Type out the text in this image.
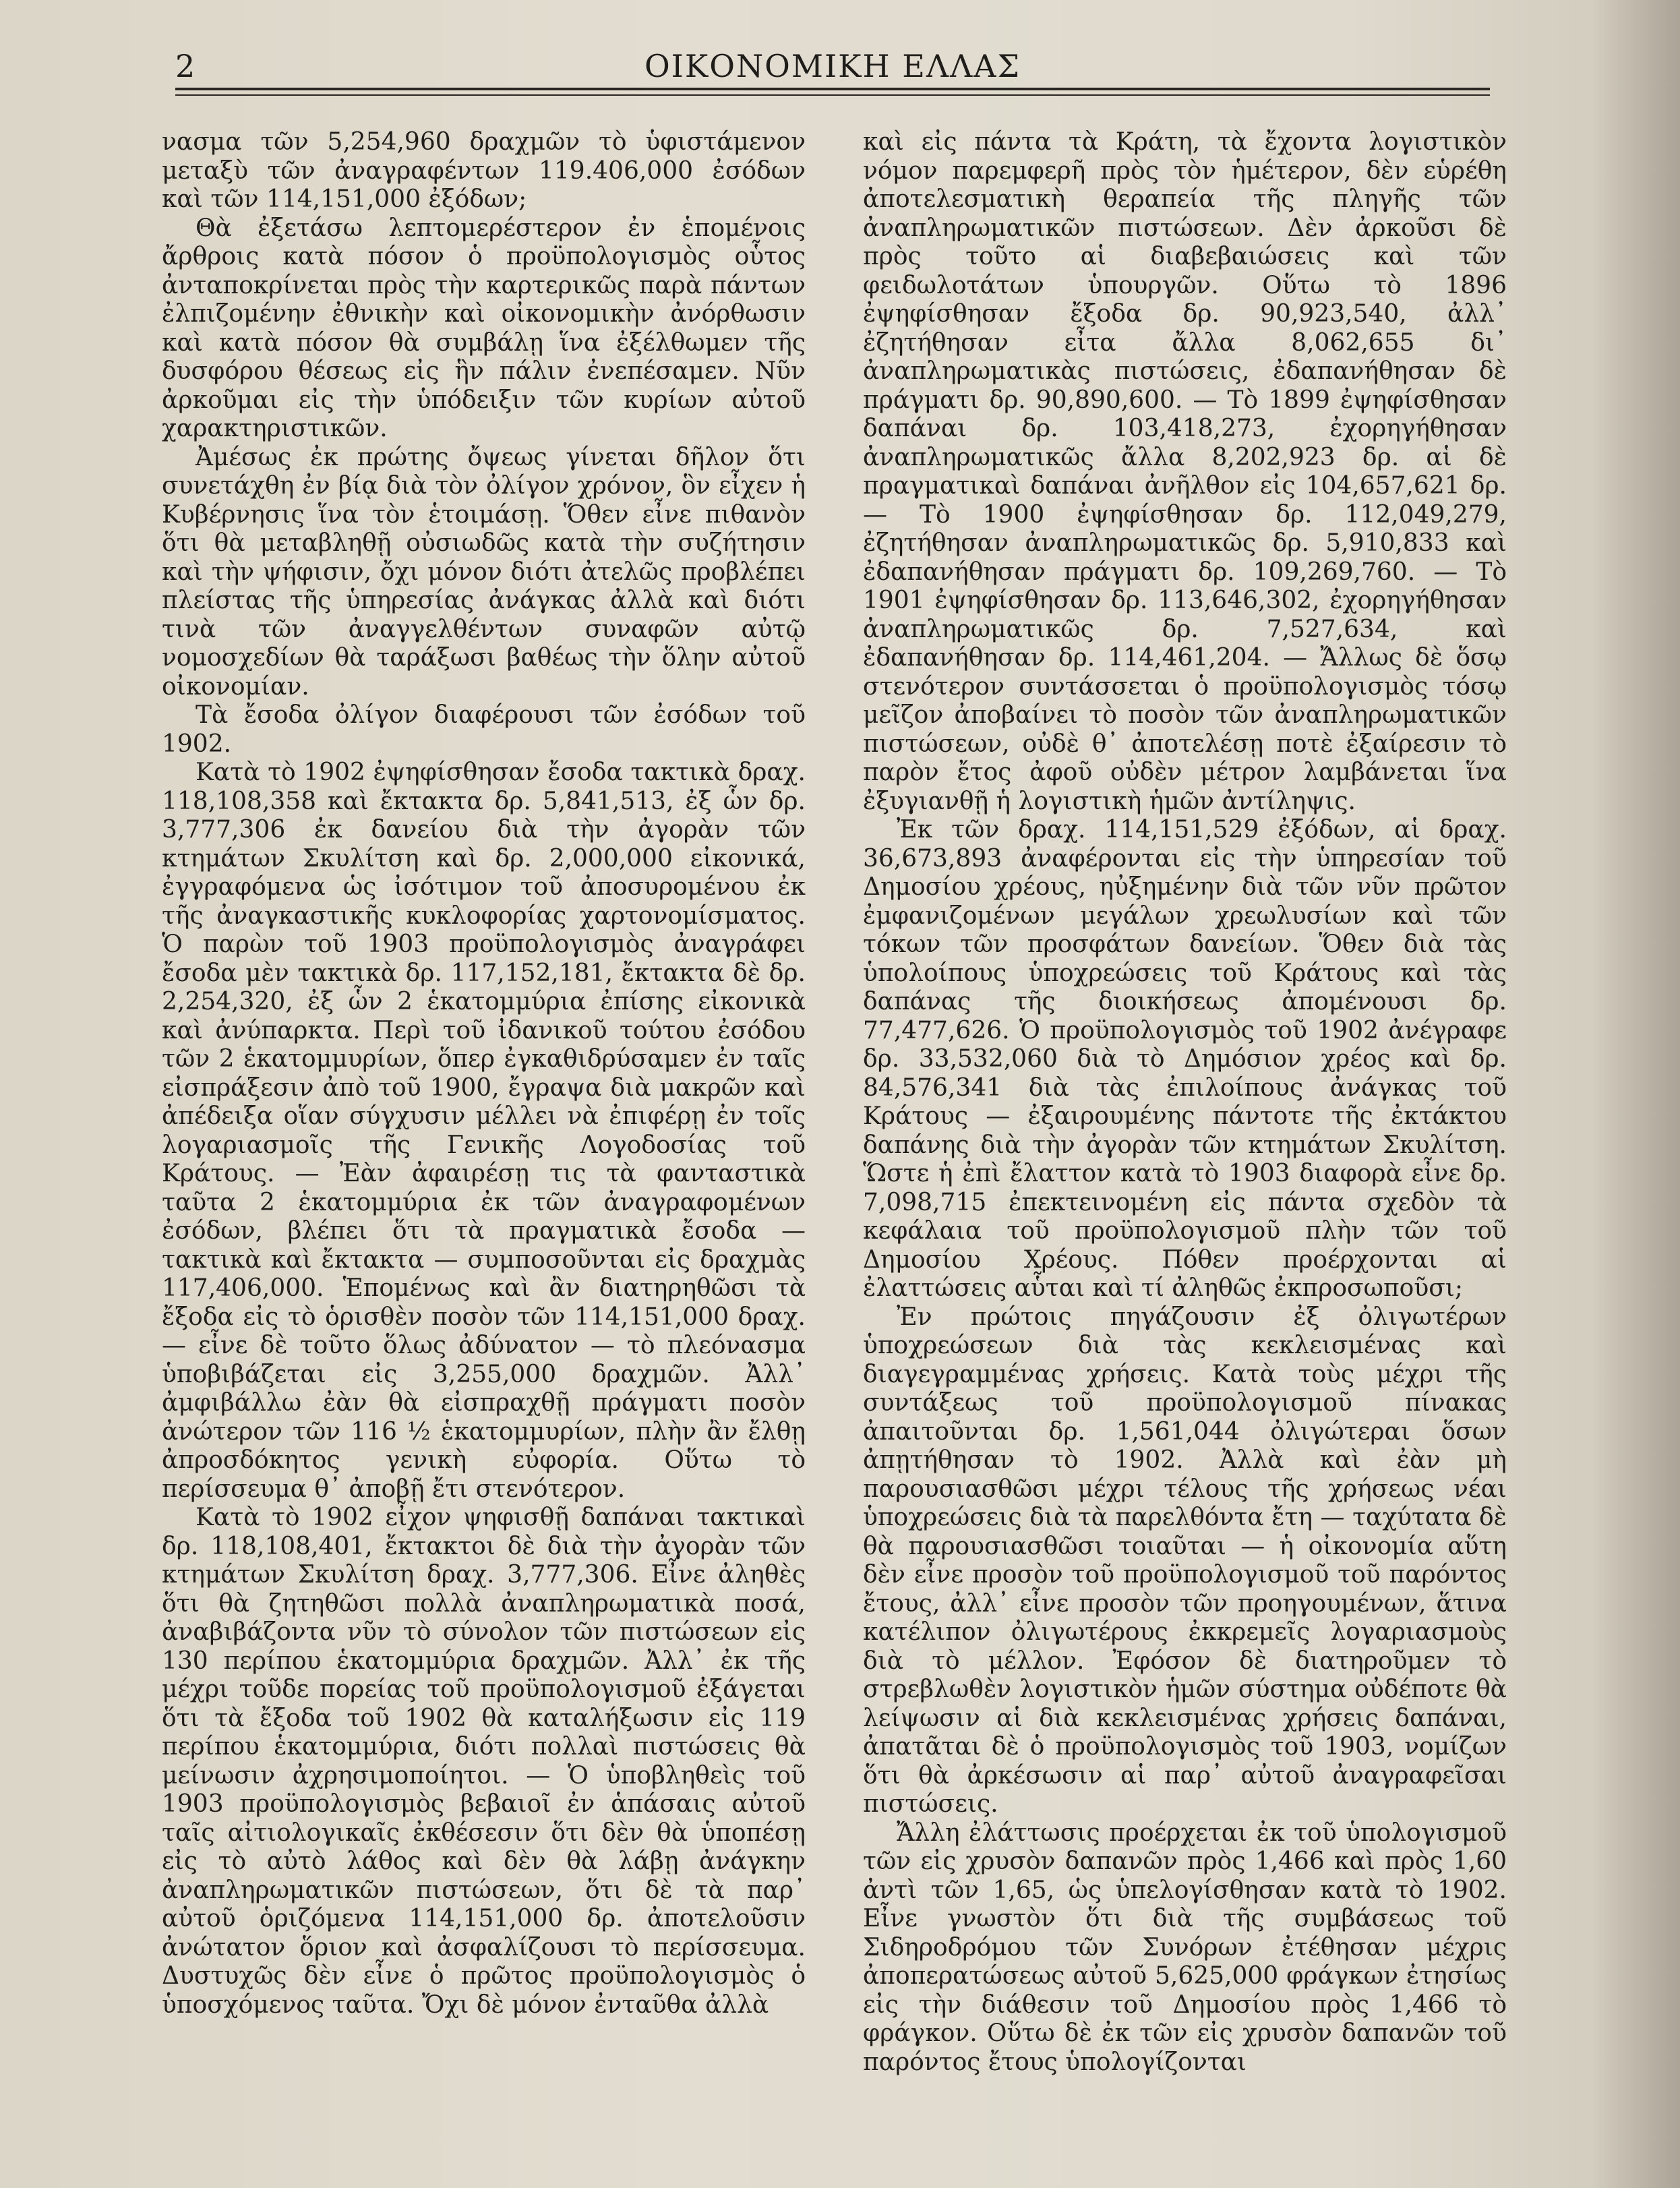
2	ΟΙΚΟΝΟΜΙΚΗ ΕΛΛΑΣ

νασμα τῶν 5,254,960 δραχμῶν τὸ ὑφιστάμενον μεταξὺ τῶν ἀναγραφέντων 119.406,000 ἐσόδων καὶ τῶν 114,151,000 ἐξόδων;

Θὰ ἐξετάσω λεπτομερέστερον ἐν ἑπομένοις ἄρθροις κατὰ πόσον ὁ προϋπολογισμὸς οὗτος ἀνταποκρίνεται πρὸς τὴν καρτερικῶς παρὰ πάντων ἐλπιζομένην ἐθνικὴν καὶ οἰκονομικὴν ἀνόρθωσιν καὶ κατὰ πόσον θὰ συμβάλῃ ἵνα ἐξέλθωμεν τῆς δυσφόρου θέσεως εἰς ἣν πάλιν ἐνεπέσαμεν. Νῦν ἀρκοῦμαι εἰς τὴν ὑπόδειξιν τῶν κυρίων αὐτοῦ χαρακτηριστικῶν.

Ἀμέσως ἐκ πρώτης ὄψεως γίνεται δῆλον ὅτι συνετάχθη ἐν βίᾳ διὰ τὸν ὀλίγον χρόνον, ὃν εἶχεν ἡ Κυβέρνησις ἵνα τὸν ἑτοιμάσῃ. Ὅθεν εἶνε πιθανὸν ὅτι θὰ μεταβληθῇ οὐσιωδῶς κατὰ τὴν συζήτησιν καὶ τὴν ψήφισιν, ὄχι μόνον διότι ἀτελῶς προβλέπει πλείστας τῆς ὑπηρεσίας ἀνάγκας ἀλλὰ καὶ διότι τινὰ τῶν ἀναγγελθέντων συναφῶν αὐτῷ νομοσχεδίων θὰ ταράξωσι βαθέως τὴν ὅλην αὐτοῦ οἰκονομίαν.

Τὰ ἔσοδα ὀλίγον διαφέρουσι τῶν ἐσόδων τοῦ 1902.

Κατὰ τὸ 1902 ἐψηφίσθησαν ἔσοδα τακτικὰ δραχ. 118,108,358 καὶ ἔκτακτα δρ. 5,841,513, ἐξ ὧν δρ. 3,777,306 ἐκ δανείου διὰ τὴν ἀγορὰν τῶν κτημάτων Σκυλίτση καὶ δρ. 2,000,000 εἰκονικά, ἐγγραφόμενα ὡς ἰσότιμον τοῦ ἀποσυρομένου ἐκ τῆς ἀναγκαστικῆς κυκλοφορίας χαρτονομίσματος. Ὁ παρὼν τοῦ 1903 προϋπολογισμὸς ἀναγράφει ἔσοδα μὲν τακτικὰ δρ. 117,152,181, ἔκτακτα δὲ δρ. 2,254,320, ἐξ ὧν 2 ἑκατομμύρια ἐπίσης εἰκονικὰ καὶ ἀνύπαρκτα. Περὶ τοῦ ἰδανικοῦ τούτου ἐσόδου τῶν 2 ἑκατομμυρίων, ὅπερ ἐγκαθιδρύσαμεν ἐν ταῖς εἰσπράξεσιν ἀπὸ τοῦ 1900, ἔγραψα διὰ μακρῶν καὶ ἀπέδειξα οἵαν σύγχυσιν μέλλει νὰ ἐπιφέρῃ ἐν τοῖς λογαριασμοῖς τῆς Γενικῆς Λογοδοσίας τοῦ Κράτους. — Ἐὰν ἀφαιρέσῃ τις τὰ φανταστικὰ ταῦτα 2 ἑκατομμύρια ἐκ τῶν ἀναγραφομένων ἐσόδων, βλέπει ὅτι τὰ πραγματικὰ ἔσοδα — τακτικὰ καὶ ἔκτακτα — συμποσοῦνται εἰς δραχμὰς 117,406,000. Ἑπομένως καὶ ἂν διατηρηθῶσι τὰ ἔξοδα εἰς τὸ ὁρισθὲν ποσὸν τῶν 114,151,000 δραχ. — εἶνε δὲ τοῦτο ὅλως ἀδύνατον — τὸ πλεόνασμα ὑποβιβάζεται εἰς 3,255,000 δραχμῶν. Ἀλλ᾽ ἀμφιβάλλω ἐὰν θὰ εἰσπραχθῇ πράγματι ποσὸν ἀνώτερον τῶν 116 ½ ἑκατομμυρίων, πλὴν ἂν ἔλθῃ ἀπροσδόκητος γενικὴ εὐφορία. Οὕτω τὸ περίσσευμα θ᾽ ἀποβῇ ἔτι στενότερον.

Κατὰ τὸ 1902 εἶχον ψηφισθῇ δαπάναι τακτικαὶ δρ. 118,108,401, ἔκτακτοι δὲ διὰ τὴν ἀγορὰν τῶν κτημάτων Σκυλίτση δραχ. 3,777,306. Εἶνε ἀληθὲς ὅτι θὰ ζητηθῶσι πολλὰ ἀναπληρωματικὰ ποσά, ἀναβιβάζοντα νῦν τὸ σύνολον τῶν πιστώσεων εἰς 130 περίπου ἑκατομμύρια δραχμῶν. Ἀλλ᾽ ἐκ τῆς μέχρι τοῦδε πορείας τοῦ προϋπολογισμοῦ ἐξάγεται ὅτι τὰ ἔξοδα τοῦ 1902 θὰ καταλήξωσιν εἰς 119 περίπου ἑκατομμύρια, διότι πολλαὶ πιστώσεις θὰ μείνωσιν ἀχρησιμοποίητοι. — Ὁ ὑποβληθεὶς τοῦ 1903 προϋπολογισμὸς βεβαιοῖ ἐν ἁπάσαις αὐτοῦ ταῖς αἰτιολογικαῖς ἐκθέσεσιν ὅτι δὲν θὰ ὑποπέσῃ εἰς τὸ αὐτὸ λάθος καὶ δὲν θὰ λάβῃ ἀνάγκην ἀναπληρωματικῶν πιστώσεων, ὅτι δὲ τὰ παρ᾽ αὐτοῦ ὁριζόμενα 114,151,000 δρ. ἀποτελοῦσιν ἀνώτατον ὅριον καὶ ἀσφαλίζουσι τὸ περίσσευμα. Δυστυχῶς δὲν εἶνε ὁ πρῶτος προϋπολογισμὸς ὁ ὑποσχόμενος ταῦτα. Ὄχι δὲ μόνον ἐνταῦθα ἀλλὰ

καὶ εἰς πάντα τὰ Κράτη, τὰ ἔχοντα λογιστικὸν νόμον παρεμφερῆ πρὸς τὸν ἡμέτερον, δὲν εὑρέθη ἀποτελεσματικὴ θεραπεία τῆς πληγῆς τῶν ἀναπληρωματικῶν πιστώσεων. Δὲν ἀρκοῦσι δὲ πρὸς τοῦτο αἱ διαβεβαιώσεις καὶ τῶν φειδωλοτάτων ὑπουργῶν. Οὕτω τὸ 1896 ἐψηφίσθησαν ἔξοδα δρ. 90,923,540, ἀλλ᾽ ἐζητήθησαν εἶτα ἄλλα 8,062,655 δι᾽ ἀναπληρωματικὰς πιστώσεις, ἐδαπανήθησαν δὲ πράγματι δρ. 90,890,600. — Τὸ 1899 ἐψηφίσθησαν δαπάναι δρ. 103,418,273, ἐχορηγήθησαν ἀναπληρωματικῶς ἄλλα 8,202,923 δρ. αἱ δὲ πραγματικαὶ δαπάναι ἀνῆλθον εἰς 104,657,621 δρ. — Τὸ 1900 ἐψηφίσθησαν δρ. 112,049,279, ἐζητήθησαν ἀναπληρωματικῶς δρ. 5,910,833 καὶ ἐδαπανήθησαν πράγματι δρ. 109,269,760. — Τὸ 1901 ἐψηφίσθησαν δρ. 113,646,302, ἐχορηγήθησαν ἀναπληρωματικῶς δρ. 7,527,634, καὶ ἐδαπανήθησαν δρ. 114,461,204. — Ἄλλως δὲ ὅσῳ στενότερον συντάσσεται ὁ προϋπολογισμὸς τόσῳ μεῖζον ἀποβαίνει τὸ ποσὸν τῶν ἀναπληρωματικῶν πιστώσεων, οὐδὲ θ᾽ ἀποτελέσῃ ποτὲ ἐξαίρεσιν τὸ παρὸν ἔτος ἀφοῦ οὐδὲν μέτρον λαμβάνεται ἵνα ἐξυγιανθῇ ἡ λογιστικὴ ἡμῶν ἀντίληψις.

Ἐκ τῶν δραχ. 114,151,529 ἐξόδων, αἱ δραχ. 36,673,893 ἀναφέρονται εἰς τὴν ὑπηρεσίαν τοῦ Δημοσίου χρέους, ηὐξημένην διὰ τῶν νῦν πρῶτον ἐμφανιζομένων μεγάλων χρεωλυσίων καὶ τῶν τόκων τῶν προσφάτων δανείων. Ὅθεν διὰ τὰς ὑπολοίπους ὑποχρεώσεις τοῦ Κράτους καὶ τὰς δαπάνας τῆς διοικήσεως ἀπομένουσι δρ. 77,477,626. Ὁ προϋπολογισμὸς τοῦ 1902 ἀνέγραφε δρ. 33,532,060 διὰ τὸ Δημόσιον χρέος καὶ δρ. 84,576,341 διὰ τὰς ἐπιλοίπους ἀνάγκας τοῦ Κράτους — ἐξαιρουμένης πάντοτε τῆς ἐκτάκτου δαπάνης διὰ τὴν ἀγορὰν τῶν κτημάτων Σκυλίτση. Ὥστε ἡ ἐπὶ ἔλαττον κατὰ τὸ 1903 διαφορὰ εἶνε δρ. 7,098,715 ἐπεκτεινομένη εἰς πάντα σχεδὸν τὰ κεφάλαια τοῦ προϋπολογισμοῦ πλὴν τῶν τοῦ Δημοσίου Χρέους. Πόθεν προέρχονται αἱ ἐλαττώσεις αὗται καὶ τί ἀληθῶς ἐκπροσωποῦσι;

Ἐν πρώτοις πηγάζουσιν ἐξ ὀλιγωτέρων ὑποχρεώσεων διὰ τὰς κεκλεισμένας καὶ διαγεγραμμένας χρήσεις. Κατὰ τοὺς μέχρι τῆς συντάξεως τοῦ προϋπολογισμοῦ πίνακας ἀπαιτοῦνται δρ. 1,561,044 ὀλιγώτεραι ὅσων ἀπῃτήθησαν τὸ 1902. Ἀλλὰ καὶ ἐὰν μὴ παρουσιασθῶσι μέχρι τέλους τῆς χρήσεως νέαι ὑποχρεώσεις διὰ τὰ παρελθόντα ἔτη — ταχύτατα δὲ θὰ παρουσιασθῶσι τοιαῦται — ἡ οἰκονομία αὕτη δὲν εἶνε προσὸν τοῦ προϋπολογισμοῦ τοῦ παρόντος ἔτους, ἀλλ᾽ εἶνε προσὸν τῶν προηγουμένων, ἅτινα κατέλιπον ὀλιγωτέρους ἐκκρεμεῖς λογαριασμοὺς διὰ τὸ μέλλον. Ἐφόσον δὲ διατηροῦμεν τὸ στρεβλωθὲν λογιστικὸν ἡμῶν σύστημα οὐδέποτε θὰ λείψωσιν αἱ διὰ κεκλεισμένας χρήσεις δαπάναι, ἀπατᾶται δὲ ὁ προϋπολογισμὸς τοῦ 1903, νομίζων ὅτι θὰ ἀρκέσωσιν αἱ παρ᾽ αὐτοῦ ἀναγραφεῖσαι πιστώσεις.

Ἄλλη ἐλάττωσις προέρχεται ἐκ τοῦ ὑπολογισμοῦ τῶν εἰς χρυσὸν δαπανῶν πρὸς 1,466 καὶ πρὸς 1,60 ἀντὶ τῶν 1,65, ὡς ὑπελογίσθησαν κατὰ τὸ 1902. Εἶνε γνωστὸν ὅτι διὰ τῆς συμβάσεως τοῦ Σιδηροδρόμου τῶν Συνόρων ἐτέθησαν μέχρις ἀποπερατώσεως αὐτοῦ 5,625,000 φράγκων ἐτησίως εἰς τὴν διάθεσιν τοῦ Δημοσίου πρὸς 1,466 τὸ φράγκον. Οὕτω δὲ ἐκ τῶν εἰς χρυσὸν δαπανῶν τοῦ παρόντος ἔτους ὑπολογίζονται
